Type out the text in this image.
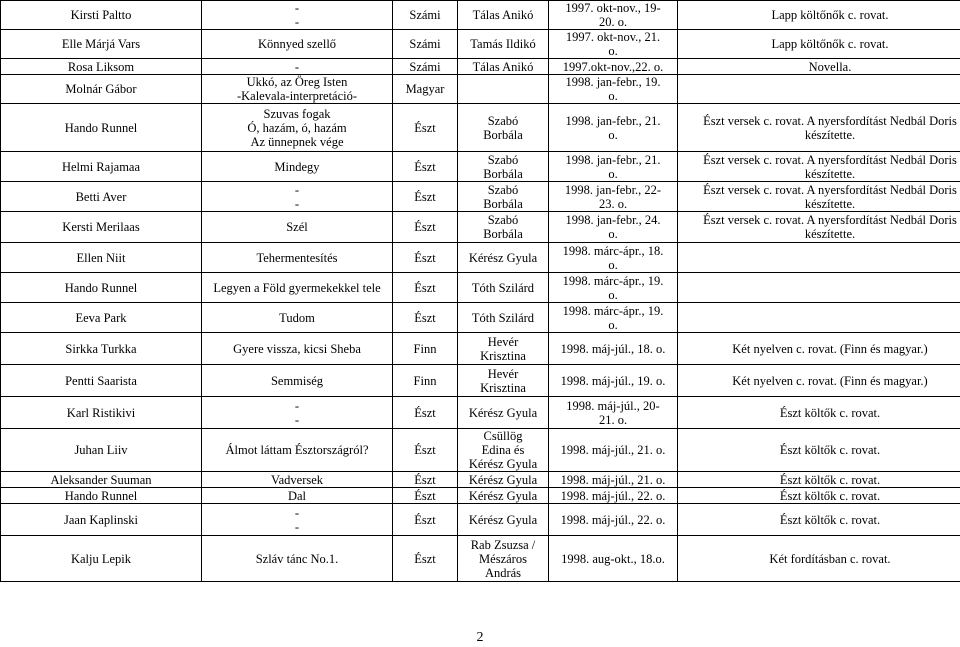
Kirsti Paltto	-
-	Számi	Tálas Anikó	1997. okt-nov., 19-
20. o.	Lapp költőnők c. rovat.
Elle Márjá Vars	Könnyed szellő	Számi	Tamás Ildikó	1997. okt-nov., 21.
o.	Lapp költőnők c. rovat.
Rosa Liksom	-	Számi	Tálas Anikó	1997.okt-nov.,22. o.	Novella.
Molnár Gábor	Ukkó, az Öreg Isten
-Kalevala-interpretáció-	Magyar		1998. jan-febr., 19.
o.	
Hando Runnel	Szuvas fogak
Ó, hazám, ó, hazám
Az ünnepnek vége	Észt	Szabó
Borbála	1998. jan-febr., 21.
o.	Észt versek c. rovat. A nyersfordítást Nedbál Doris
készítette.
Helmi Rajamaa	Mindegy	Észt	Szabó
Borbála	1998. jan-febr., 21.
o.	Észt versek c. rovat. A nyersfordítást Nedbál Doris
készítette.
Betti Aver	-
-	Észt	Szabó
Borbála	1998. jan-febr., 22-
23. o.	Észt versek c. rovat. A nyersfordítást Nedbál Doris
készítette.
Kersti Merilaas	Szél	Észt	Szabó
Borbála	1998. jan-febr., 24.
o.	Észt versek c. rovat. A nyersfordítást Nedbál Doris
készítette.
Ellen Niit	Tehermentesítés	Észt	Kérész Gyula	1998. márc-ápr., 18.
o.	
Hando Runnel	Legyen a Föld gyermekekkel tele	Észt	Tóth Szilárd	1998. márc-ápr., 19.
o.	
Eeva Park	Tudom	Észt	Tóth Szilárd	1998. márc-ápr., 19.
o.	
Sirkka Turkka	Gyere vissza, kicsi Sheba	Finn	Hevér
Krisztina	1998. máj-júl., 18. o.	Két nyelven c. rovat. (Finn és magyar.)
Pentti Saarista	Semmiség	Finn	Hevér
Krisztina	1998. máj-júl., 19. o.	Két nyelven c. rovat. (Finn és magyar.)
Karl Ristikivi	-
-	Észt	Kérész Gyula	1998. máj-júl., 20-
21. o.	Észt költők c. rovat.
Juhan Liiv	Álmot láttam Észtországról?	Észt	Csüllög
Edina és
Kérész Gyula	1998. máj-júl., 21. o.	Észt költők c. rovat.
Aleksander Suuman	Vadversek	Észt	Kérész Gyula	1998. máj-júl., 21. o.	Észt költők c. rovat.
Hando Runnel	Dal	Észt	Kérész Gyula	1998. máj-júl., 22. o.	Észt költők c. rovat.
Jaan Kaplinski	-
-	Észt	Kérész Gyula	1998. máj-júl., 22. o.	Észt költők c. rovat.
Kalju Lepik	Szláv tánc No.1.	Észt	Rab Zsuzsa /
Mészáros
András	1998. aug-okt., 18.o.	Két fordításban c. rovat.
2
